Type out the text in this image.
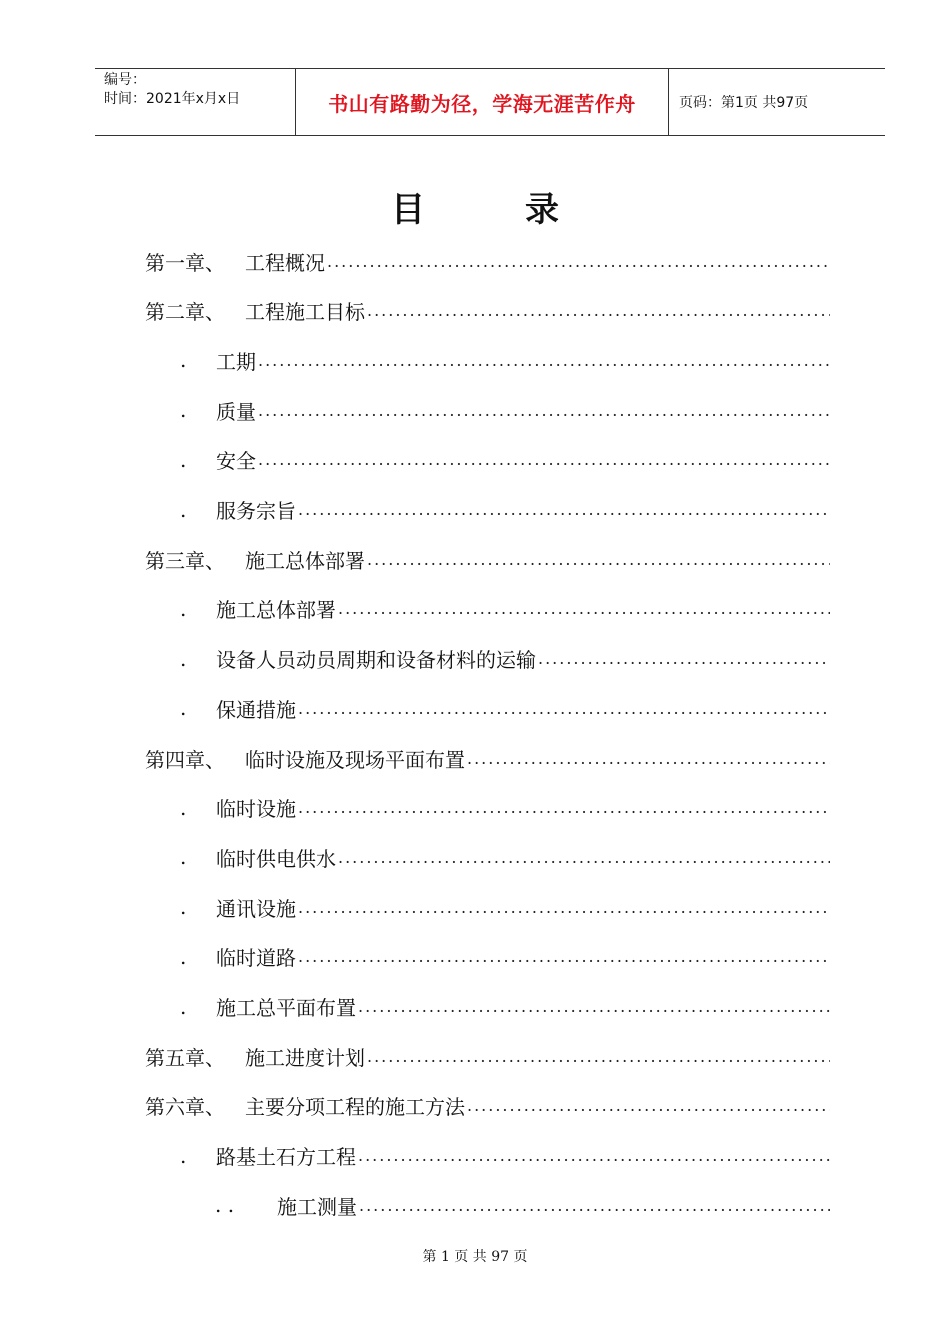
编号：
时间：2021年x月x日	书山有路勤为径，学海无涯苦作舟	页码：第1页 共97页
目	录
第一章、	工程概况
.....
第二章、	工程施工目标
.....
.	工期
.....
.	质量
.....
.	安全
.....
.	服务宗旨
.....
第三章、	施工总体部署
.....
.	施工总体部署
.....
.	设备人员动员周期和设备材料的运输
.....
.	保通措施
.....
第四章、	临时设施及现场平面布置
.....
.	临时设施
.....
.	临时供电供水
.....
.	通讯设施
.....
.	临时道路
.....
.	施工总平面布置
.....
第五章、	施工进度计划
.....
第六章、	主要分项工程的施工方法
.....
.	路基土石方工程
.....
. .	施工测量
.....
第 1 页 共 97 页
